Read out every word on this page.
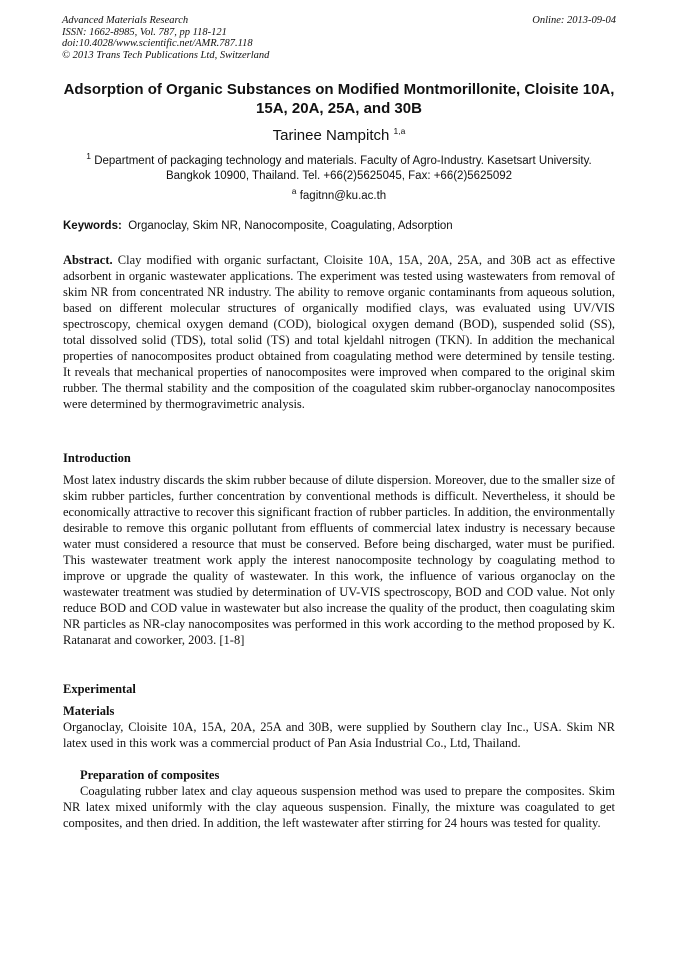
Advanced Materials Research
ISSN: 1662-8985, Vol. 787, pp 118-121
doi:10.4028/www.scientific.net/AMR.787.118
© 2013 Trans Tech Publications Ltd, Switzerland
Online: 2013-09-04
Adsorption of Organic Substances on Modified Montmorillonite, Cloisite 10A, 15A, 20A, 25A, and 30B
Tarinee Nampitch $^{1,a}$
$^1$ Department of packaging technology and materials. Faculty of Agro-Industry. Kasetsart University. Bangkok 10900, Thailand. Tel. +66(2)5625045, Fax: +66(2)5625092
$^a$ fagitnn@ku.ac.th
Keywords: Organoclay, Skim NR, Nanocomposite, Coagulating, Adsorption
Abstract. Clay modified with organic surfactant, Cloisite 10A, 15A, 20A, 25A, and 30B act as effective adsorbent in organic wastewater applications. The experiment was tested using wastewaters from removal of skim NR from concentrated NR industry. The ability to remove organic contaminants from aqueous solution, based on different molecular structures of organically modified clays, was evaluated using UV/VIS spectroscopy, chemical oxygen demand (COD), biological oxygen demand (BOD), suspended solid (SS), total dissolved solid (TDS), total solid (TS) and total kjeldahl nitrogen (TKN). In addition the mechanical properties of nanocomposites product obtained from coagulating method were determined by tensile testing. It reveals that mechanical properties of nanocomposites were improved when compared to the original skim rubber. The thermal stability and the composition of the coagulated skim rubber-organoclay nanocomposites were determined by thermogravimetric analysis.
Introduction
Most latex industry discards the skim rubber because of dilute dispersion. Moreover, due to the smaller size of skim rubber particles, further concentration by conventional methods is difficult. Nevertheless, it should be economically attractive to recover this significant fraction of rubber particles. In addition, the environmentally desirable to remove this organic pollutant from effluents of commercial latex industry is necessary because water must considered a resource that must be conserved. Before being discharged, water must be purified. This wastewater treatment work apply the interest nanocomposite technology by coagulating method to improve or upgrade the quality of wastewater. In this work, the influence of various organoclay on the wastewater treatment was studied by determination of UV-VIS spectroscopy, BOD and COD value. Not only reduce BOD and COD value in wastewater but also increase the quality of the product, then coagulating skim NR particles as NR-clay nanocomposites was performed in this work according to the method proposed by K. Ratanarat and coworker, 2003. [1-8]
Experimental
Materials
Organoclay, Cloisite 10A, 15A, 20A, 25A and 30B, were supplied by Southern clay Inc., USA. Skim NR latex used in this work was a commercial product of Pan Asia Industrial Co., Ltd, Thailand.
Preparation of composites
Coagulating rubber latex and clay aqueous suspension method was used to prepare the composites. Skim NR latex mixed uniformly with the clay aqueous suspension. Finally, the mixture was coagulated to get composites, and then dried. In addition, the left wastewater after stirring for 24 hours was tested for quality.
